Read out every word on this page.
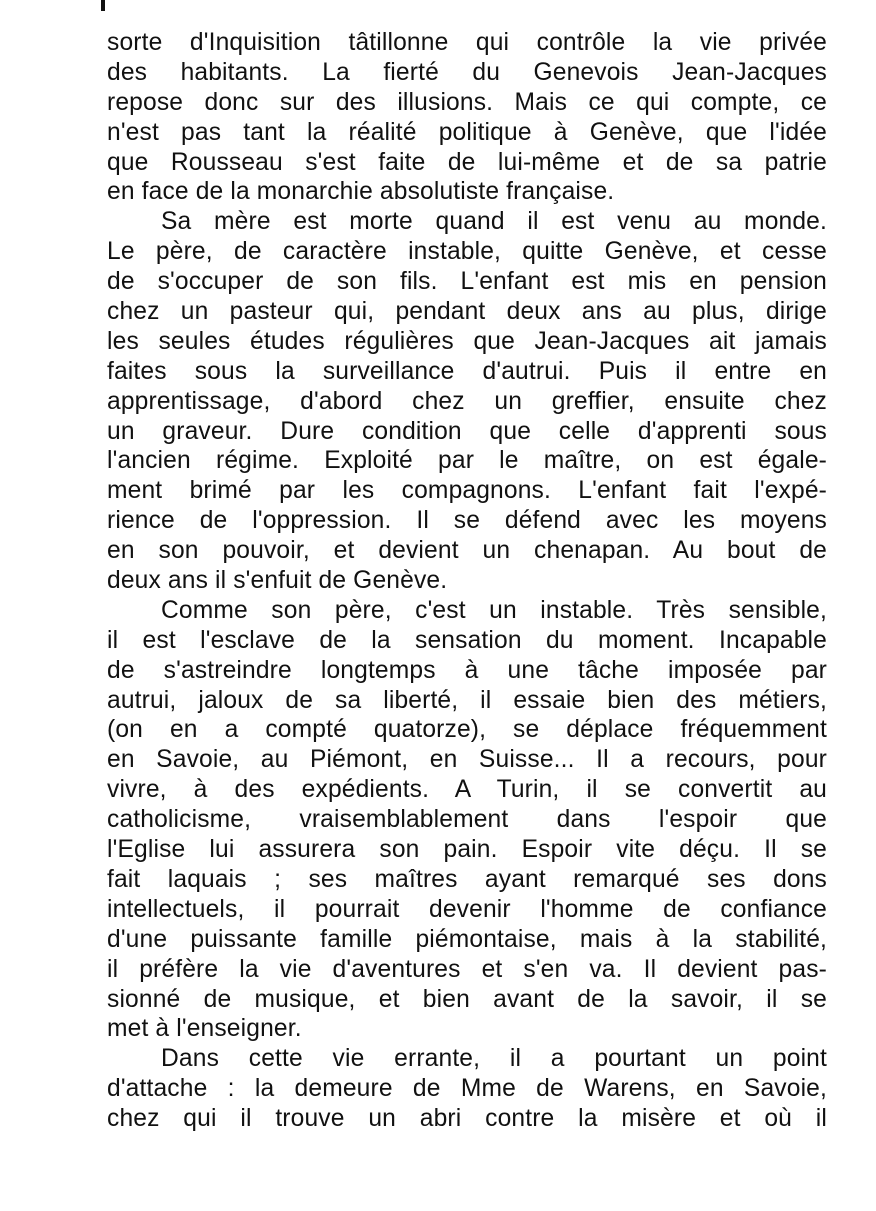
sorte d'Inquisition tâtillonne qui contrôle la vie privée
des habitants. La fierté du Genevois Jean-Jacques
repose donc sur des illusions. Mais ce qui compte, ce
n'est pas tant la réalité politique à Genève, que l'idée
que Rousseau s'est faite de lui-même et de sa patrie
en face de la monarchie absolutiste française.
Sa mère est morte quand il est venu au monde.
Le père, de caractère instable, quitte Genève, et cesse
de s'occuper de son fils. L'enfant est mis en pension
chez un pasteur qui, pendant deux ans au plus, dirige
les seules études régulières que Jean-Jacques ait jamais
faites sous la surveillance d'autrui. Puis il entre en
apprentissage, d'abord chez un greffier, ensuite chez
un graveur. Dure condition que celle d'apprenti sous
l'ancien régime. Exploité par le maître, on est égale-
ment brimé par les compagnons. L'enfant fait l'expé-
rience de l'oppression. Il se défend avec les moyens
en son pouvoir, et devient un chenapan. Au bout de
deux ans il s'enfuit de Genève.
Comme son père, c'est un instable. Très sensible,
il est l'esclave de la sensation du moment. Incapable
de s'astreindre longtemps à une tâche imposée par
autrui, jaloux de sa liberté, il essaie bien des métiers,
(on en a compté quatorze), se déplace fréquemment
en Savoie, au Piémont, en Suisse... Il a recours, pour
vivre, à des expédients. A Turin, il se convertit au
catholicisme, vraisemblablement dans l'espoir que
l'Eglise lui assurera son pain. Espoir vite déçu. Il se
fait laquais ; ses maîtres ayant remarqué ses dons
intellectuels, il pourrait devenir l'homme de confiance
d'une puissante famille piémontaise, mais à la stabilité,
il préfère la vie d'aventures et s'en va. Il devient pas-
sionné de musique, et bien avant de la savoir, il se
met à l'enseigner.
Dans cette vie errante, il a pourtant un point
d'attache : la demeure de Mme de Warens, en Savoie,
chez qui il trouve un abri contre la misère et où il
